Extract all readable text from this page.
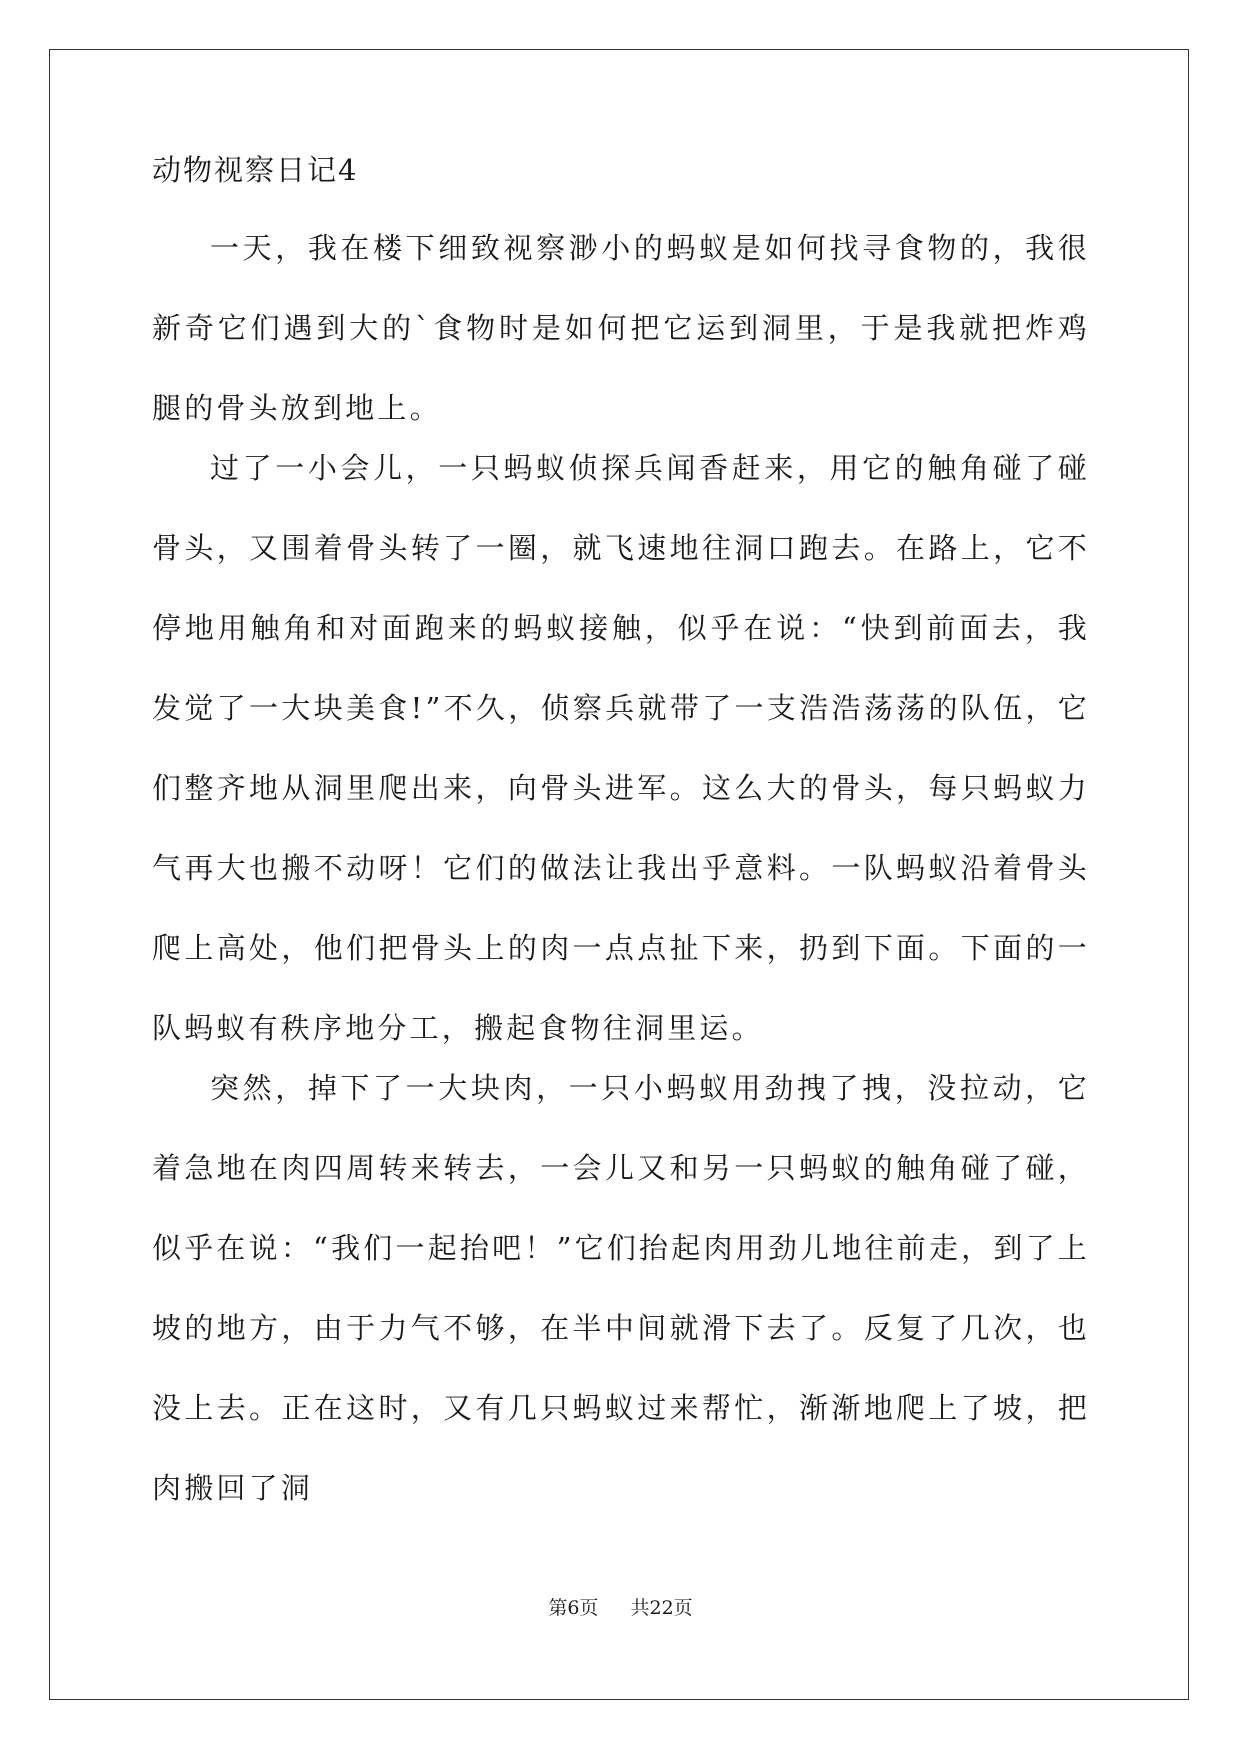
动物视察日记4

一天，我在楼下细致视察渺小的蚂蚁是如何找寻食物的，我很新奇它们遇到大的`食物时是如何把它运到洞里，于是我就把炸鸡腿的骨头放到地上。

过了一小会儿，一只蚂蚁侦探兵闻香赶来，用它的触角碰了碰骨头，又围着骨头转了一圈，就飞速地往洞口跑去。在路上，它不停地用触角和对面跑来的蚂蚁接触，似乎在说：“快到前面去，我发觉了一大块美食!”不久，侦察兵就带了一支浩浩荡荡的队伍，它们整齐地从洞里爬出来，向骨头进军。这么大的骨头，每只蚂蚁力气再大也搬不动呀！它们的做法让我出乎意料。一队蚂蚁沿着骨头爬上高处，他们把骨头上的肉一点点扯下来，扔到下面。下面的一队蚂蚁有秩序地分工，搬起食物往洞里运。

突然，掉下了一大块肉，一只小蚂蚁用劲拽了拽，没拉动，它着急地在肉四周转来转去，一会儿又和另一只蚂蚁的触角碰了碰，似乎在说：“我们一起抬吧！”它们抬起肉用劲儿地往前走，到了上坡的地方，由于力气不够，在半中间就滑下去了。反复了几次，也没上去。正在这时，又有几只蚂蚁过来帮忙，渐渐地爬上了坡，把肉搬回了洞

第6页 共22页
